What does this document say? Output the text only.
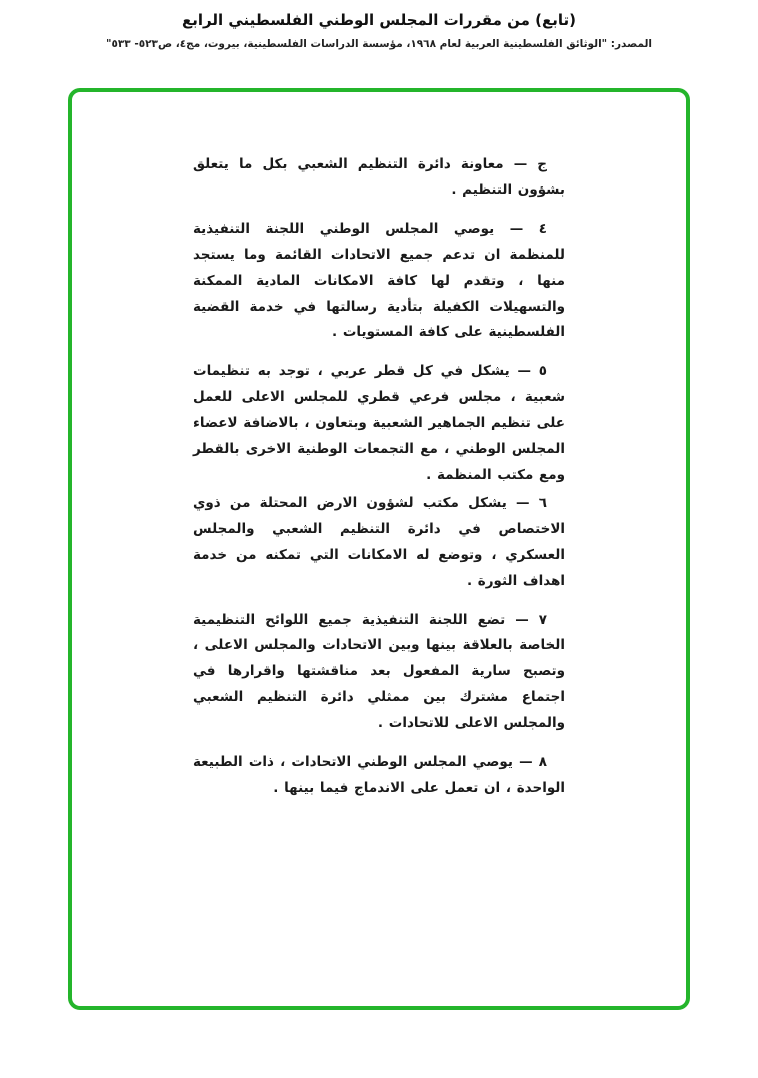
(تابع) من مقررات المجلس الوطني الفلسطيني الرابع
المصدر: "الوثائق الفلسطينية العربية لعام ١٩٦٨، مؤسسة الدراسات الفلسطينية، بيروت، مج٤، ص٥٢٣- ٥٣٣"

ج — معاونة دائرة التنظيم الشعبي بكل ما يتعلق بشؤون التنظيم .

٤ — يوصي المجلس الوطني اللجنة التنفيذية للمنظمة ان تدعم جميع الاتحادات القائمة وما يستجد منها ، وتقدم لها كافة الامكانات المادية الممكنة والتسهيلات الكفيلة بتأدية رسالتها في خدمة القضية الفلسطينية على كافة المستويات .

٥ — يشكل في كل قطر عربي ، توجد به تنظيمات شعبية ، مجلس فرعي قطري للمجلس الاعلى للعمل على تنظيم الجماهير الشعبية وبتعاون ، بالاضافة لاعضاء المجلس الوطني ، مع التجمعات الوطنية الاخرى بالقطر ومع مكتب المنظمة .

٦ — يشكل مكتب لشؤون الارض المحتلة من ذوي الاختصاص في دائرة التنظيم الشعبي والمجلس العسكري ، وتوضع له الامكانات التي تمكنه من خدمة اهداف الثورة .

٧ — تضع اللجنة التنفيذية جميع اللوائح التنظيمية الخاصة بالعلاقة بينها وبين الاتحادات والمجلس الاعلى ، وتصبح سارية المفعول بعد مناقشتها واقرارها في اجتماع مشترك بين ممثلي دائرة التنظيم الشعبي والمجلس الاعلى للاتحادات .

٨ — يوصي المجلس الوطني الاتحادات ، ذات الطبيعة الواحدة ، ان تعمل على الاندماج فيما بينها .
